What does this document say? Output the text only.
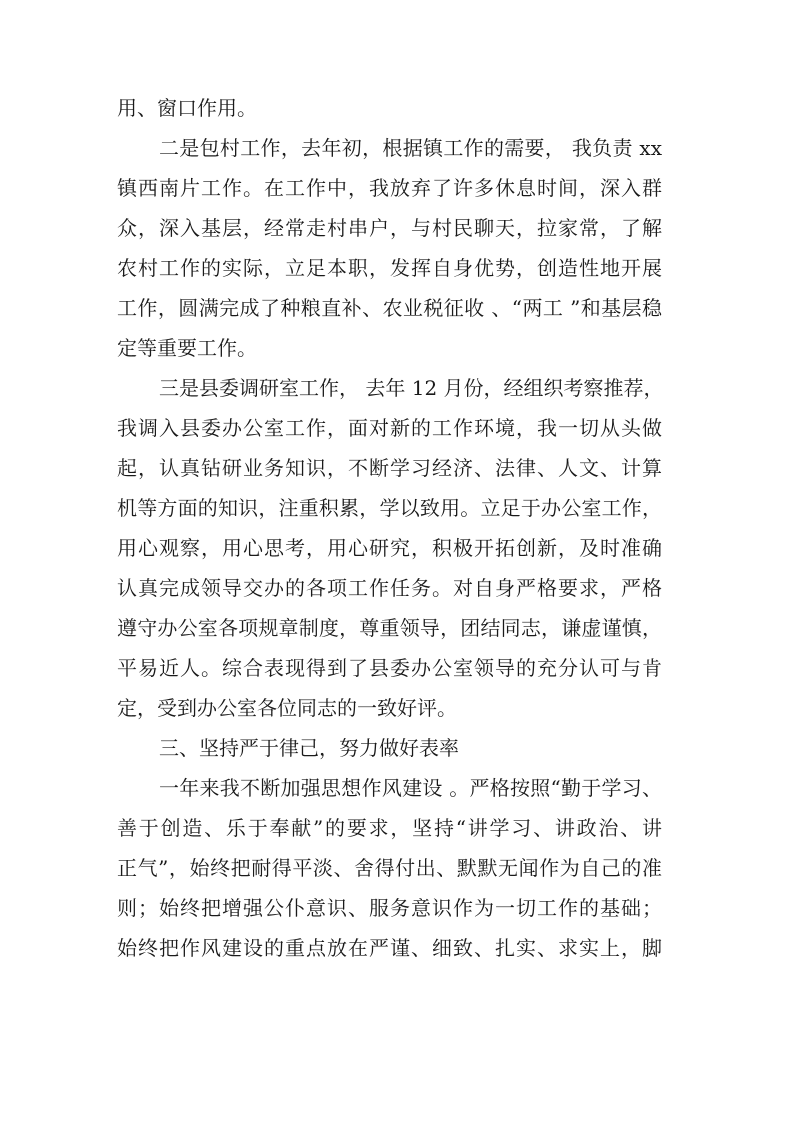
用、窗口作用。
二是包村工作，去年初，根据镇工作的需要， 我负责 xx
镇西南片工作。在工作中，我放弃了许多休息时间，深入群
众，深入基层，经常走村串户，与村民聊天，拉家常，了解
农村工作的实际，立足本职，发挥自身优势，创造性地开展
工作，圆满完成了种粮直补、农业税征收 、“两工 ”和基层稳
定等重要工作。
三是县委调研室工作， 去年 12 月份，经组织考察推荐，
我调入县委办公室工作，面对新的工作环境，我一切从头做
起，认真钻研业务知识，不断学习经济、法律、人文、计算
机等方面的知识，注重积累，学以致用。立足于办公室工作，
用心观察，用心思考，用心研究，积极开拓创新，及时准确
认真完成领导交办的各项工作任务。对自身严格要求，严格
遵守办公室各项规章制度，尊重领导，团结同志，谦虚谨慎，
平易近人。综合表现得到了县委办公室领导的充分认可与肯
定，受到办公室各位同志的一致好评。
三、坚持严于律己，努力做好表率
一年来我不断加强思想作风建设 。严格按照“勤于学习、
善于创造、乐于奉献”的要求，坚持“讲学习、讲政治、讲
正气”，始终把耐得平淡、舍得付出、默默无闻作为自己的准
则；始终把增强公仆意识、服务意识作为一切工作的基础；
始终把作风建设的重点放在严谨、细致、扎实、求实上，脚
